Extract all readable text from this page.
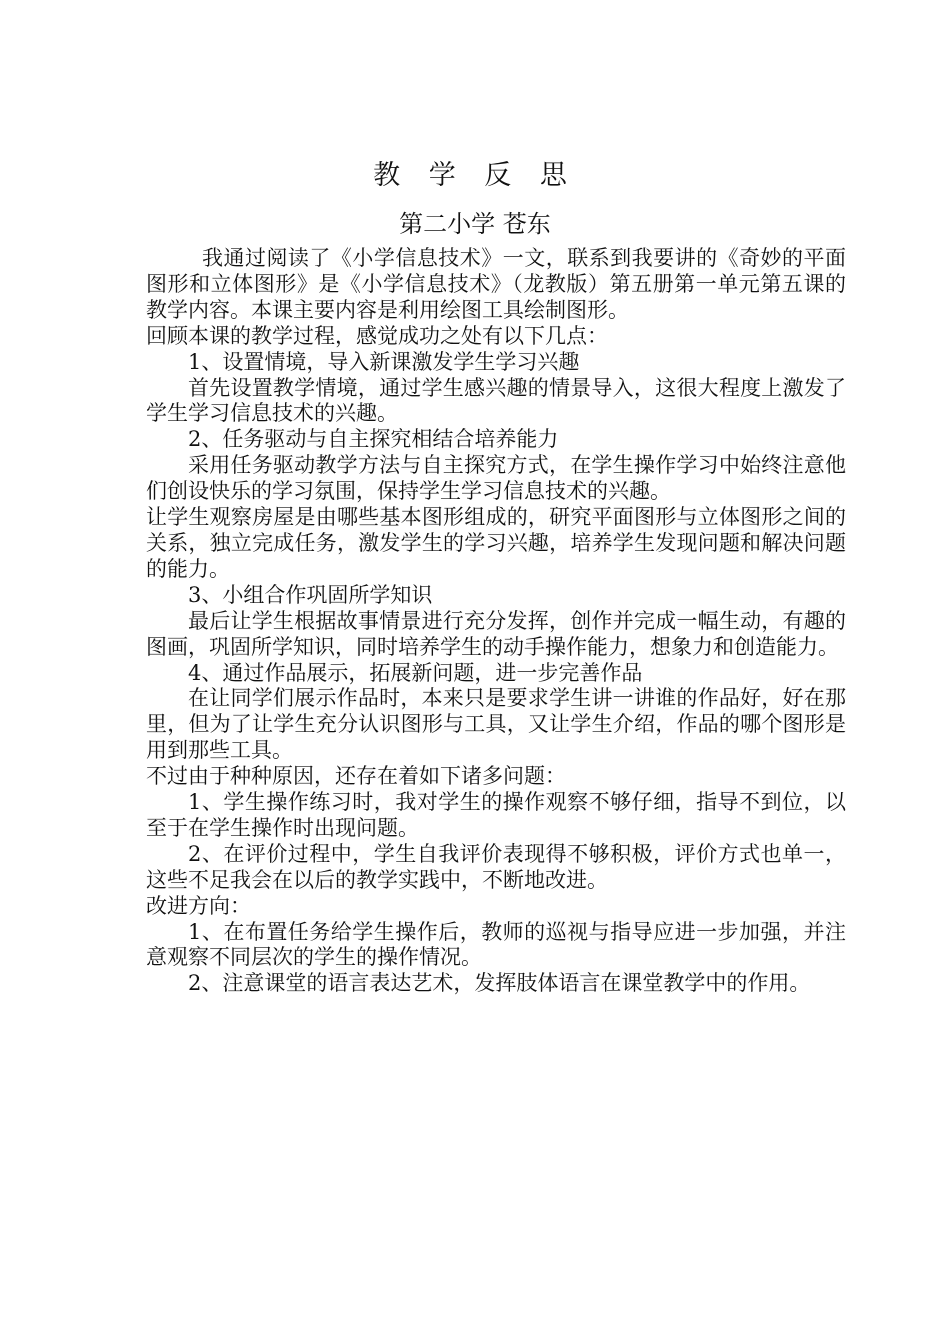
教 学 反 思
第二小学 苍东

我通过阅读了《小学信息技术》一文，联系到我要讲的《奇妙的平面图形和立体图形》是《小学信息技术》（龙教版）第五册第一单元第五课的教学内容。本课主要内容是利用绘图工具绘制图形。

回顾本课的教学过程，感觉成功之处有以下几点：

1、设置情境，导入新课激发学生学习兴趣

首先设置教学情境，通过学生感兴趣的情景导入，这很大程度上激发了学生学习信息技术的兴趣。

2、任务驱动与自主探究相结合培养能力

采用任务驱动教学方法与自主探究方式，在学生操作学习中始终注意他们创设快乐的学习氛围，保持学生学习信息技术的兴趣。

让学生观察房屋是由哪些基本图形组成的，研究平面图形与立体图形之间的关系，独立完成任务，激发学生的学习兴趣，培养学生发现问题和解决问题的能力。

3、小组合作巩固所学知识

最后让学生根据故事情景进行充分发挥，创作并完成一幅生动，有趣的图画，巩固所学知识，同时培养学生的动手操作能力，想象力和创造能力。

4、通过作品展示，拓展新问题，进一步完善作品

在让同学们展示作品时，本来只是要求学生讲一讲谁的作品好，好在那里，但为了让学生充分认识图形与工具，又让学生介绍，作品的哪个图形是用到那些工具。

不过由于种种原因，还存在着如下诸多问题：

1、学生操作练习时，我对学生的操作观察不够仔细，指导不到位，以至于在学生操作时出现问题。

2、在评价过程中，学生自我评价表现得不够积极，评价方式也单一，这些不足我会在以后的教学实践中，不断地改进。

改进方向：

1、在布置任务给学生操作后，教师的巡视与指导应进一步加强，并注意观察不同层次的学生的操作情况。

2、注意课堂的语言表达艺术，发挥肢体语言在课堂教学中的作用。
